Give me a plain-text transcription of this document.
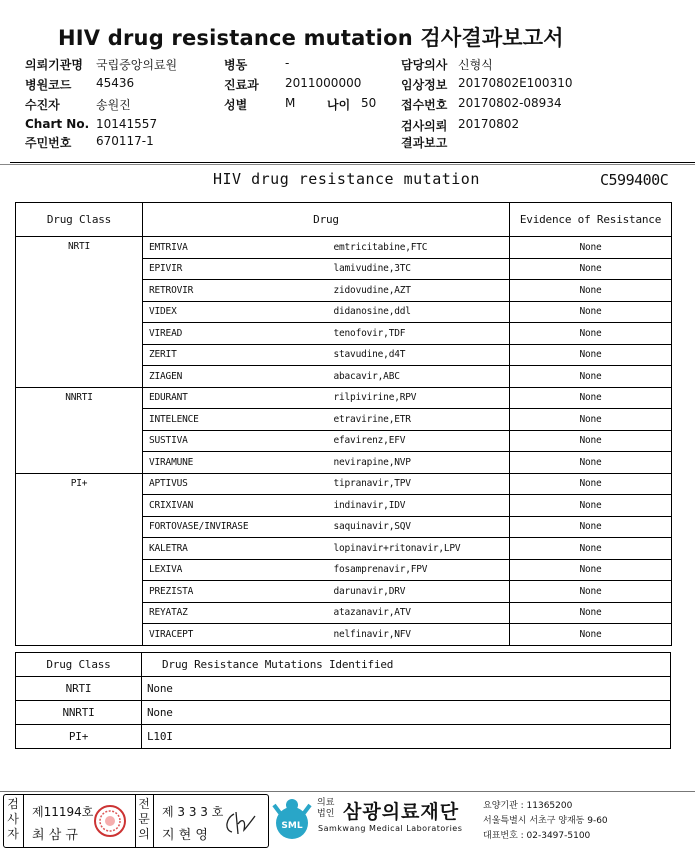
HIV drug resistance mutation 검사결과보고서
의뢰기관명 국립중앙의료원
병원코드 45436
수진자	송원진
Chart No. 10141557
주민번호 670117-1
병동	-
진료과 2011000000
성별	M	나이 50
담당의사 신형식
임상정보 20170802E100310
접수번호 20170802-08934
검사의뢰 20170802
결과보고
HIV drug resistance mutation	C599400C
Drug Class	Drug		Evidence of Resistance
NRTI	EMTRIVA	emtricitabine,FTC	None
	EPIVIR	lamivudine,3TC	None
	RETROVIR	zidovudine,AZT	None
	VIDEX	didanosine,ddl	None
	VIREAD	tenofovir,TDF	None
	ZERIT	stavudine,d4T	None
	ZIAGEN	abacavir,ABC	None
NNRTI	EDURANT	rilpivirine,RPV	None
	INTELENCE	etravirine,ETR	None
	SUSTIVA	efavirenz,EFV	None
	VIRAMUNE	nevirapine,NVP	None
PI+	APTIVUS	tipranavir,TPV	None
	CRIXIVAN	indinavir,IDV	None
	FORTOVASE/INVIRASE	saquinavir,SQV	None
	KALETRA	lopinavir+ritonavir,LPV	None
	LEXIVA	fosamprenavir,FPV	None
	PREZISTA	darunavir,DRV	None
	REYATAZ	atazanavir,ATV	None
	VIRACEPT	nelfinavir,NFV	None
Drug Class	Drug Resistance Mutations Identified
NRTI	None
NNRTI	None
PI+	L10I
검
사
자
제11194호
최 삼 규
전
문
의
제 3 3 3 호
지 현 영
SML
의료
법인 삼광의료재단
Samkwang Medical Laboratories
요양기관 : 11365200
서울특별시 서초구 양재동 9-60
대표번호 : 02-3497-5100
